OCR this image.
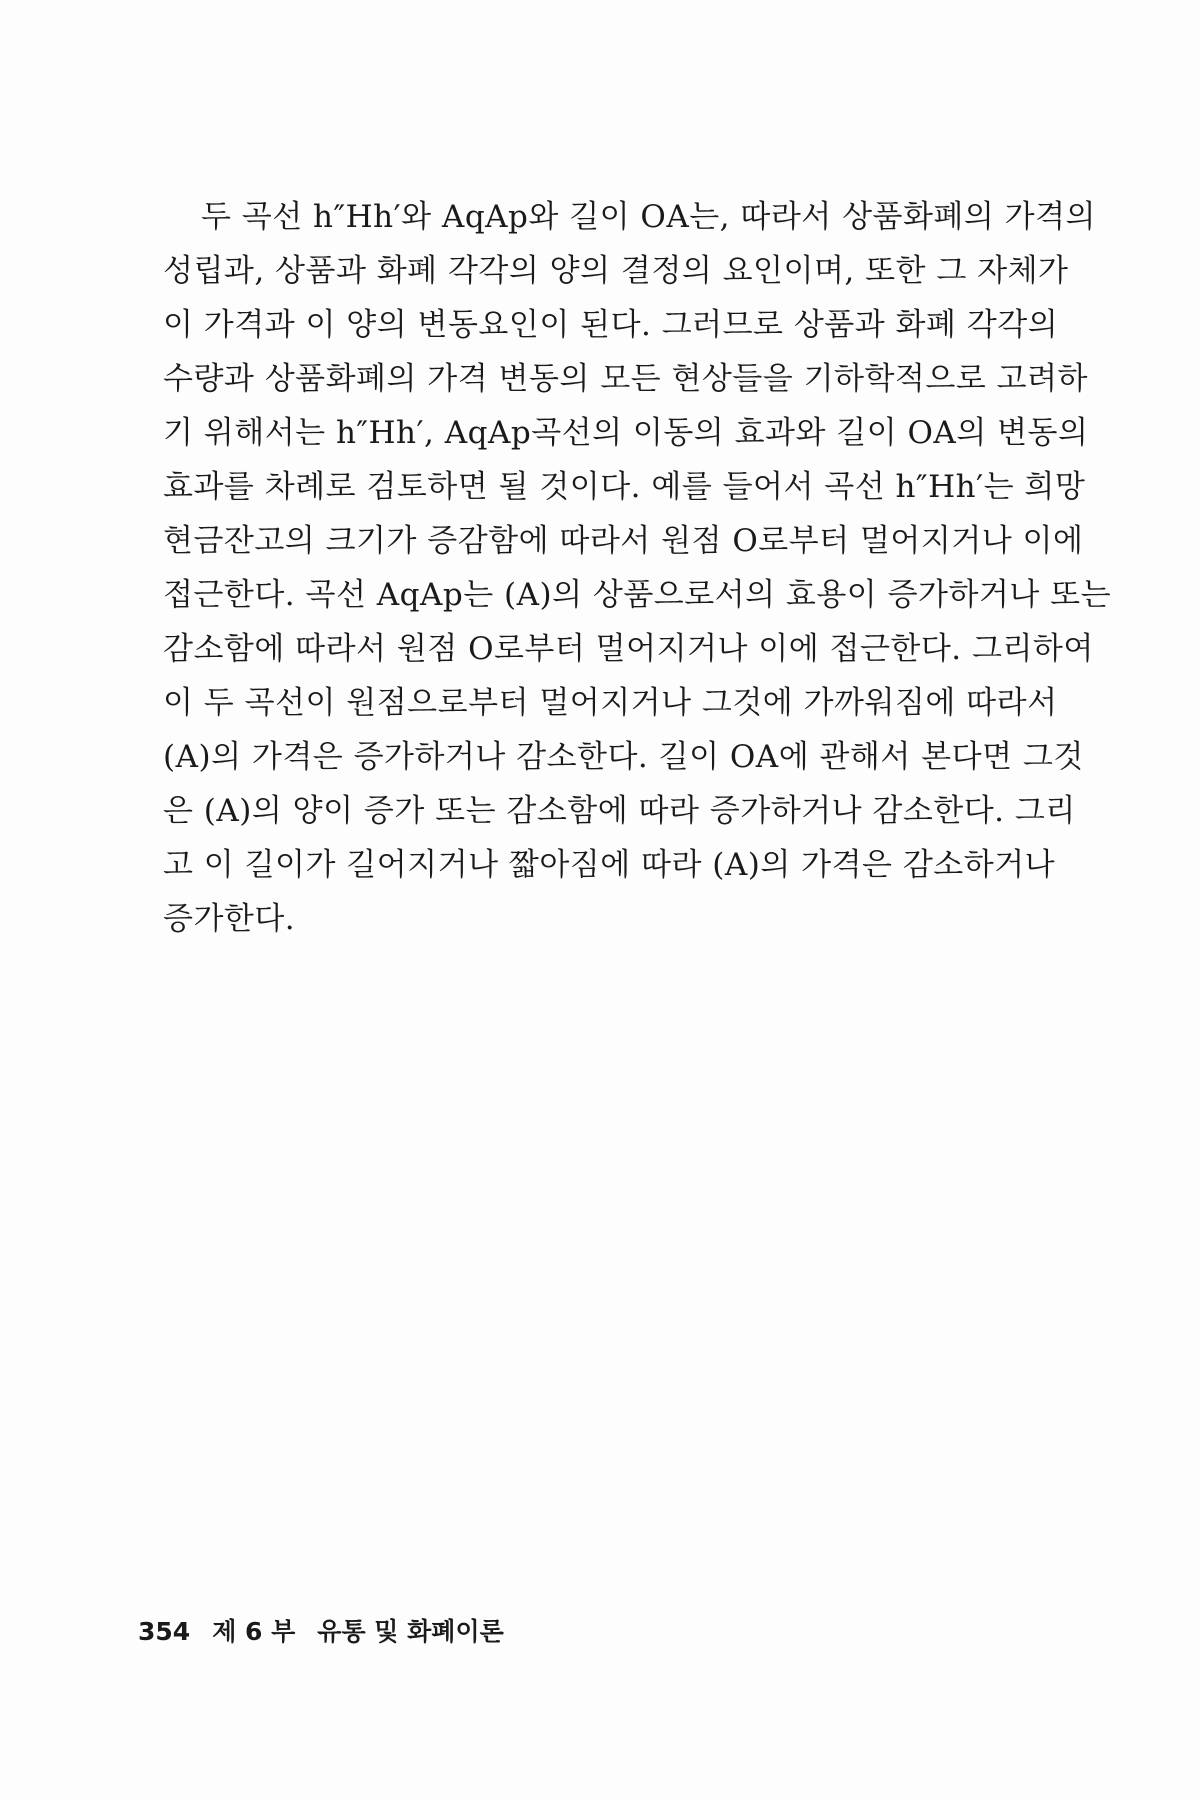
두 곡선 h″Hh′와 AqAp와 길이 OA는, 따라서 상품화폐의 가격의
성립과, 상품과 화폐 각각의 양의 결정의 요인이며, 또한 그 자체가
이 가격과 이 양의 변동요인이 된다. 그러므로 상품과 화폐 각각의
수량과 상품화폐의 가격 변동의 모든 현상들을 기하학적으로 고려하
기 위해서는 h″Hh′, AqAp곡선의 이동의 효과와 길이 OA의 변동의
효과를 차례로 검토하면 될 것이다. 예를 들어서 곡선 h″Hh′는 희망
현금잔고의 크기가 증감함에 따라서 원점 O로부터 멀어지거나 이에
접근한다. 곡선 AqAp는 (A)의 상품으로서의 효용이 증가하거나 또는
감소함에 따라서 원점 O로부터 멀어지거나 이에 접근한다. 그리하여
이 두 곡선이 원점으로부터 멀어지거나 그것에 가까워짐에 따라서
(A)의 가격은 증가하거나 감소한다. 길이 OA에 관해서 본다면 그것
은 (A)의 양이 증가 또는 감소함에 따라 증가하거나 감소한다. 그리
고 이 길이가 길어지거나 짧아짐에 따라 (A)의 가격은 감소하거나
증가한다.
354 제 6 부 유통 및 화폐이론
